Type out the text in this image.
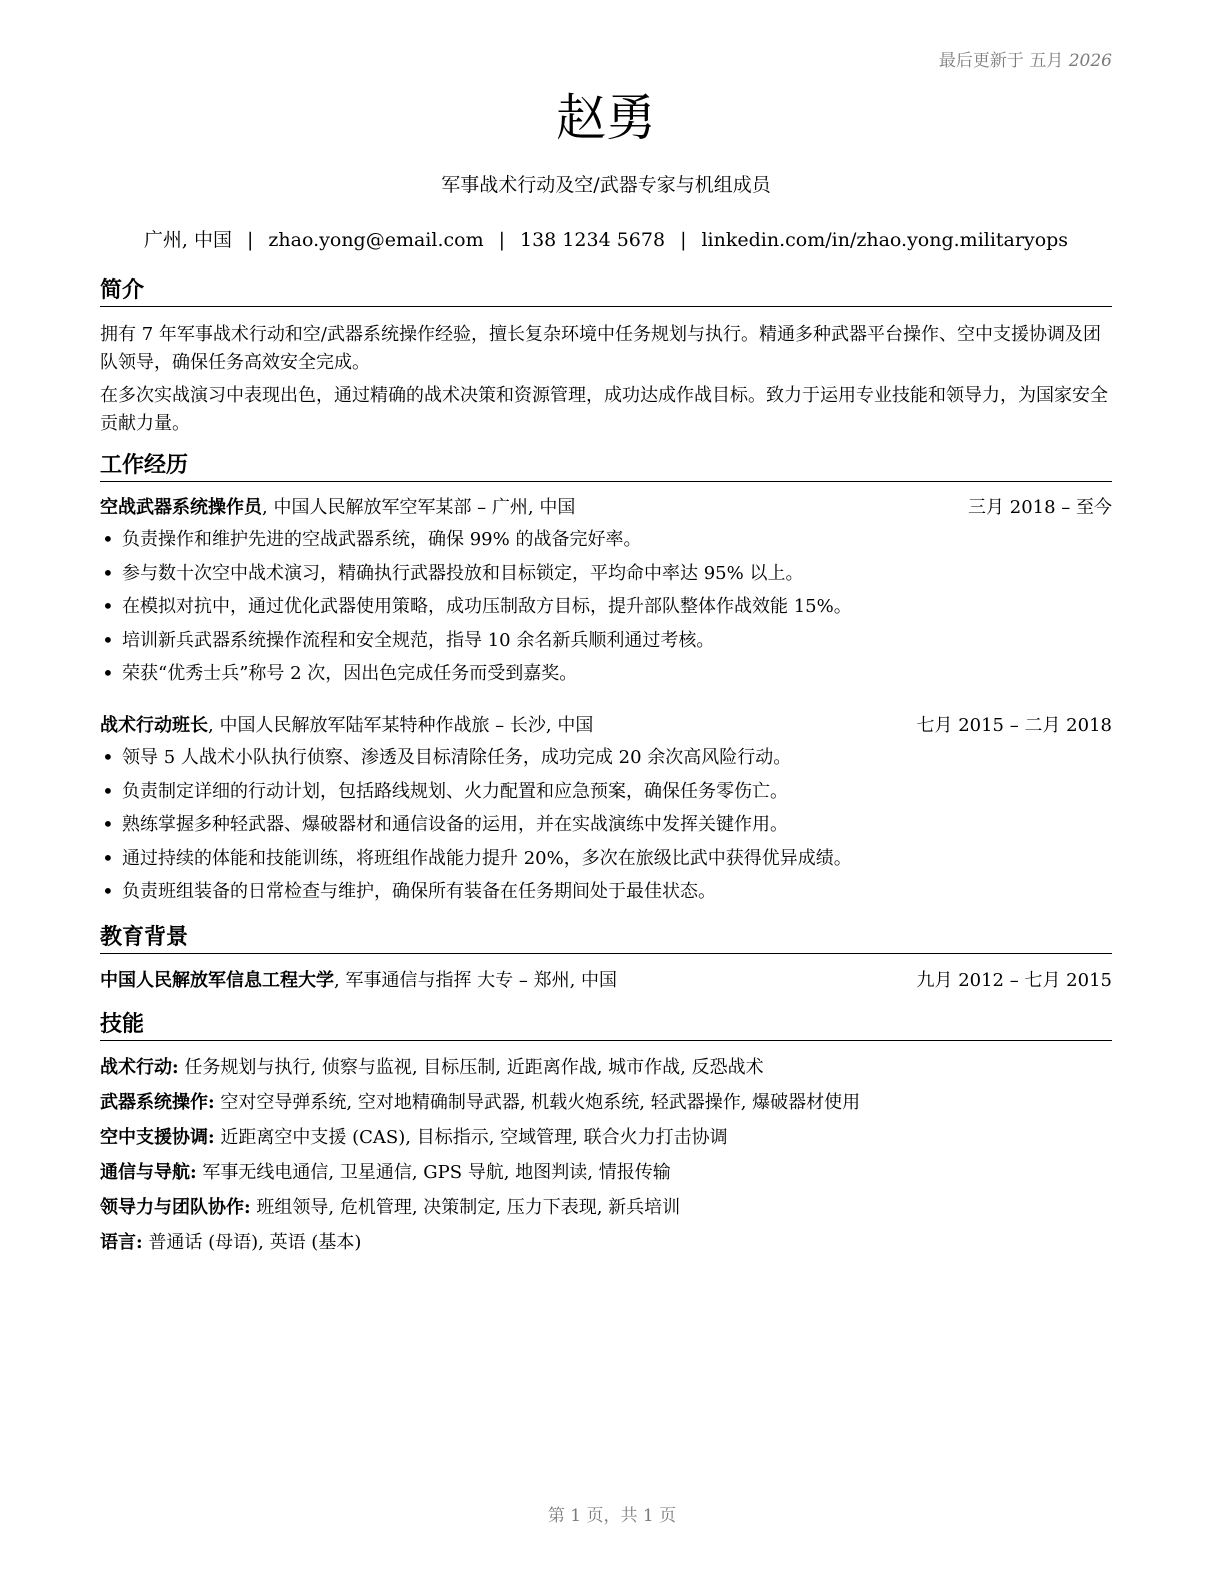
最后更新于 五月 2026
赵勇
军事战术行动及空/武器专家与机组成员
广州, 中国 | zhao.yong@email.com | 138 1234 5678 | linkedin.com/in/zhao.yong.militaryops
简介
拥有 7 年军事战术行动和空/武器系统操作经验，擅长复杂环境中任务规划与执行。精通多种武器平台操作、空中支援协调及团队领导，确保任务高效安全完成。
在多次实战演习中表现出色，通过精确的战术决策和资源管理，成功达成作战目标。致力于运用专业技能和领导力，为国家安全贡献力量。
工作经历
空战武器系统操作员, 中国人民解放军空军某部 – 广州, 中国	三月 2018 – 至今
• 负责操作和维护先进的空战武器系统，确保 99% 的战备完好率。
• 参与数十次空中战术演习，精确执行武器投放和目标锁定，平均命中率达 95% 以上。
• 在模拟对抗中，通过优化武器使用策略，成功压制敌方目标，提升部队整体作战效能 15%。
• 培训新兵武器系统操作流程和安全规范，指导 10 余名新兵顺利通过考核。
• 荣获“优秀士兵”称号 2 次，因出色完成任务而受到嘉奖。
战术行动班长, 中国人民解放军陆军某特种作战旅 – 长沙, 中国	七月 2015 – 二月 2018
• 领导 5 人战术小队执行侦察、渗透及目标清除任务，成功完成 20 余次高风险行动。
• 负责制定详细的行动计划，包括路线规划、火力配置和应急预案，确保任务零伤亡。
• 熟练掌握多种轻武器、爆破器材和通信设备的运用，并在实战演练中发挥关键作用。
• 通过持续的体能和技能训练，将班组作战能力提升 20%，多次在旅级比武中获得优异成绩。
• 负责班组装备的日常检查与维护，确保所有装备在任务期间处于最佳状态。
教育背景
中国人民解放军信息工程大学, 军事通信与指挥 大专 – 郑州, 中国	九月 2012 – 七月 2015
技能
战术行动: 任务规划与执行, 侦察与监视, 目标压制, 近距离作战, 城市作战, 反恐战术
武器系统操作: 空对空导弹系统, 空对地精确制导武器, 机载火炮系统, 轻武器操作, 爆破器材使用
空中支援协调: 近距离空中支援 (CAS), 目标指示, 空域管理, 联合火力打击协调
通信与导航: 军事无线电通信, 卫星通信, GPS 导航, 地图判读, 情报传输
领导力与团队协作: 班组领导, 危机管理, 决策制定, 压力下表现, 新兵培训
语言: 普通话 (母语), 英语 (基本)
第 1 页，共 1 页
